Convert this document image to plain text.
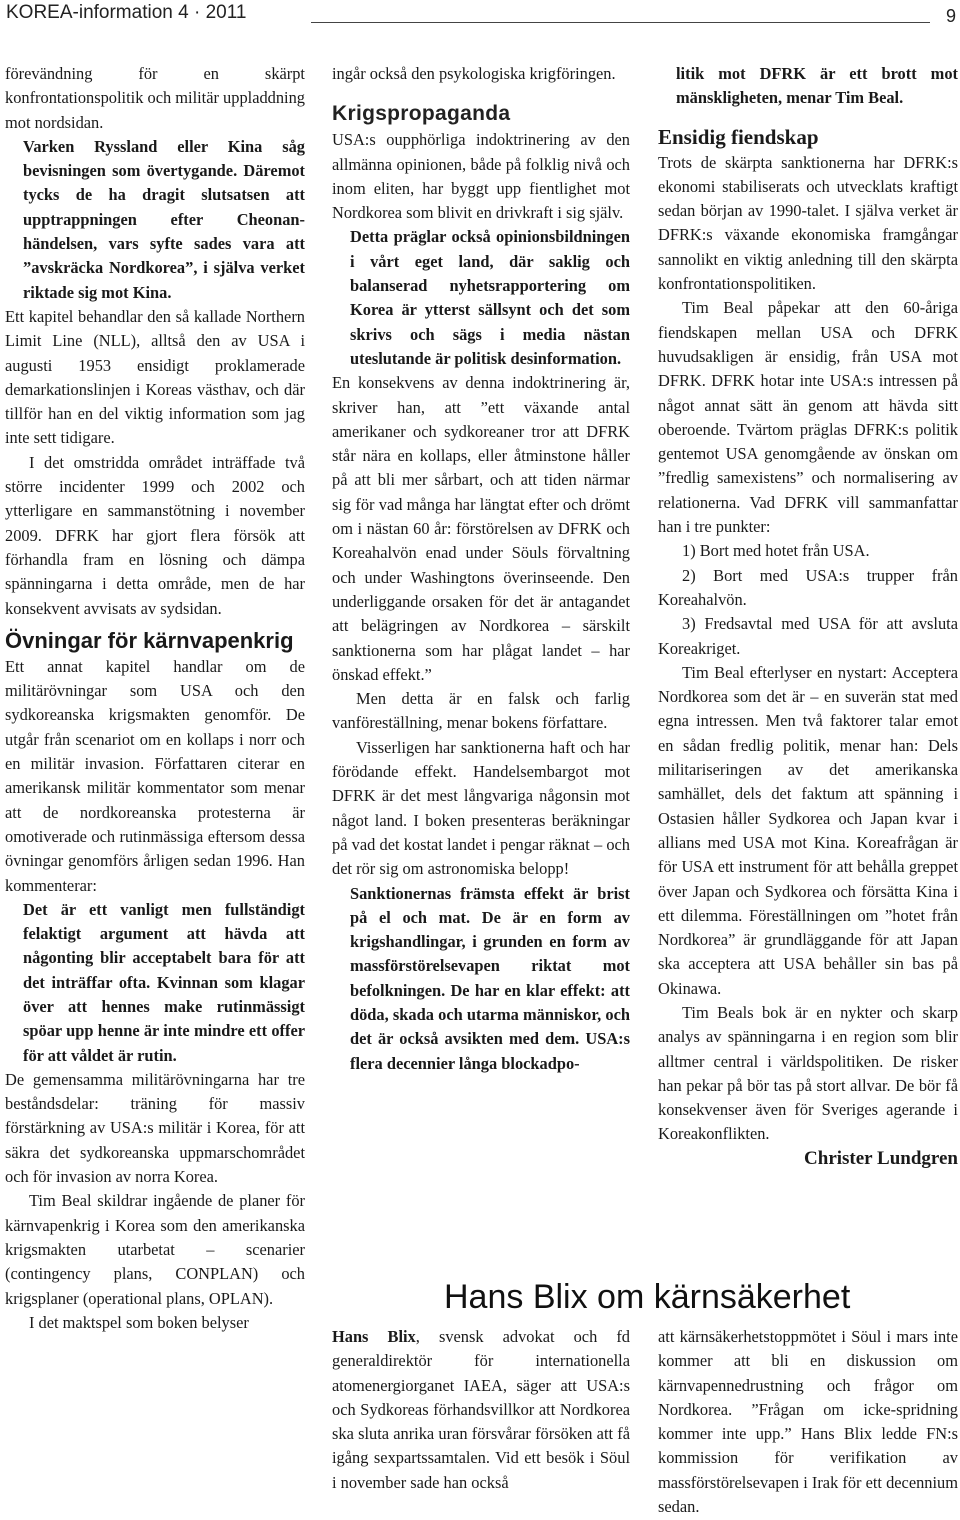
KOREA-information 4 · 2011	9

förevändning för en skärpt konfrontationspolitik och militär uppladdning mot nordsidan.

Varken Ryssland eller Kina såg bevisningen som övertygande. Däremot tycks de ha dragit slutsatsen att upptrappningen efter Cheonan-händelsen, vars syfte sades vara att ”avskräcka Nordkorea”, i själva verket riktade sig mot Kina.

Ett kapitel behandlar den så kallade Northern Limit Line (NLL), alltså den av USA i augusti 1953 ensidigt proklamerade demarkationslinjen i Koreas västhav, och där tillför han en del viktig information som jag inte sett tidigare.

I det omstridda området inträffade två större incidenter 1999 och 2002 och ytterligare en sammanstötning i november 2009. DFRK har gjort flera försök att förhandla fram en lösning och dämpa spänningarna i detta område, men de har konsekvent avvisats av sydsidan.

Övningar för kärnvapenkrig

Ett annat kapitel handlar om de militärövningar som USA och den sydkoreanska krigsmakten genomför. De utgår från scenariot om en kollaps i norr och en militär invasion. Författaren citerar en amerikansk militär kommentator som menar att de nordkoreanska protesterna är omotiverade och rutinmässiga eftersom dessa övningar genomförs årligen sedan 1996. Han kommenterar:

Det är ett vanligt men fullständigt felaktigt argument att hävda att någonting blir acceptabelt bara för att det inträffar ofta. Kvinnan som klagar över att hennes make rutinmässigt spöar upp henne är inte mindre ett offer för att våldet är rutin.

De gemensamma militärövningarna har tre beståndsdelar: träning för massiv förstärkning av USA:s militär i Korea, för att säkra det sydkoreanska uppmarschområdet och för invasion av norra Korea.

Tim Beal skildrar ingående de planer för kärnvapenkrig i Korea som den amerikanska krigsmakten utarbetat – scenarier (contingency plans, CONPLAN) och krigsplaner (operational plans, OPLAN).

I det maktspel som boken belyser

ingår också den psykologiska krigföringen.

Krigspropaganda

USA:s oupphörliga indoktrinering av den allmänna opinionen, både på folklig nivå och inom eliten, har byggt upp fientlighet mot Nordkorea som blivit en drivkraft i sig själv.

Detta präglar också opinionsbildningen i vårt eget land, där saklig och balanserad nyhetsrapportering om Korea är ytterst sällsynt och det som skrivs och sägs i media nästan uteslutande är politisk desinformation.

En konsekvens av denna indoktrinering är, skriver han, att ”ett växande antal amerikaner och sydkoreaner tror att DFRK står nära en kollaps, eller åtminstone håller på att bli mer sårbart, och att tiden närmar sig för vad många har längtat efter och drömt om i nästan 60 år: förstörelsen av DFRK och Koreahalvön enad under Söuls förvaltning och under Washingtons överinseende. Den underliggande orsaken för det är antagandet att belägringen av Nordkorea – särskilt sanktionerna som har plågat landet – har önskad effekt.”

Men detta är en falsk och farlig vanföreställning, menar bokens författare.

Visserligen har sanktionerna haft och har förödande effekt. Handelsembargot mot DFRK är det mest långvariga någonsin mot något land. I boken presenteras beräkningar på vad det kostat landet i pengar räknat – och det rör sig om astronomiska belopp!

Sanktionernas främsta effekt är brist på el och mat. De är en form av krigshandlingar, i grunden en form av massförstörelsevapen riktat mot befolkningen. De har en klar effekt: att döda, skada och utarma människor, och det är också avsikten med dem. USA:s flera decennier långa blockadpo-

litik mot DFRK är ett brott mot mänskligheten, menar Tim Beal.

Ensidig fiendskap

Trots de skärpta sanktionerna har DFRK:s ekonomi stabiliserats och utvecklats kraftigt sedan början av 1990-talet. I själva verket är DFRK:s växande ekonomiska framgångar sannolikt en viktig anledning till den skärpta konfrontationspolitiken.

Tim Beal påpekar att den 60-åriga fiendskapen mellan USA och DFRK huvudsakligen är ensidig, från USA mot DFRK. DFRK hotar inte USA:s intressen på något annat sätt än genom att hävda sitt oberoende. Tvärtom präglas DFRK:s politik gentemot USA genomgående av önskan om ”fredlig samexistens” och normalisering av relationerna. Vad DFRK vill sammanfattar han i tre punkter:

1) Bort med hotet från USA.

2) Bort med USA:s trupper från Koreahalvön.

3) Fredsavtal med USA för att avsluta Koreakriget.

Tim Beal efterlyser en nystart: Acceptera Nordkorea som det är – en suverän stat med egna intressen. Men två faktorer talar emot en sådan fredlig politik, menar han: Dels militariseringen av det amerikanska samhället, dels det faktum att spänning i Ostasien håller Sydkorea och Japan kvar i allians med USA mot Kina. Koreafrågan är för USA ett instrument för att behålla greppet över Japan och Sydkorea och försätta Kina i ett dilemma. Föreställningen om ”hotet från Nordkorea” är grundläggande för att Japan ska acceptera att USA behåller sin bas på Okinawa.

Tim Beals bok är en nykter och skarp analys av spänningarna i en region som blir alltmer central i världspolitiken. De risker han pekar på bör tas på stort allvar. De bör få konsekvenser även för Sveriges agerande i Koreakonflikten.

Christer Lundgren

Hans Blix om kärnsäkerhet

Hans Blix, svensk advokat och fd generaldirektör för internationella atomenergiorganet IAEA, säger att USA:s och Sydkoreas förhandsvillkor att Nordkorea ska sluta anrika uran försvårar försöken att få igång sexpartssamtalen. Vid ett besök i Söul i november sade han också

att kärnsäkerhetstoppmötet i Söul i mars inte kommer att bli en diskussion om kärnvapennedrustning och frågor om Nordkorea. ”Frågan om icke-spridning kommer inte upp.” Hans Blix ledde FN:s kommission för verifikation av massförstörelsevapen i Irak för ett decennium sedan.
